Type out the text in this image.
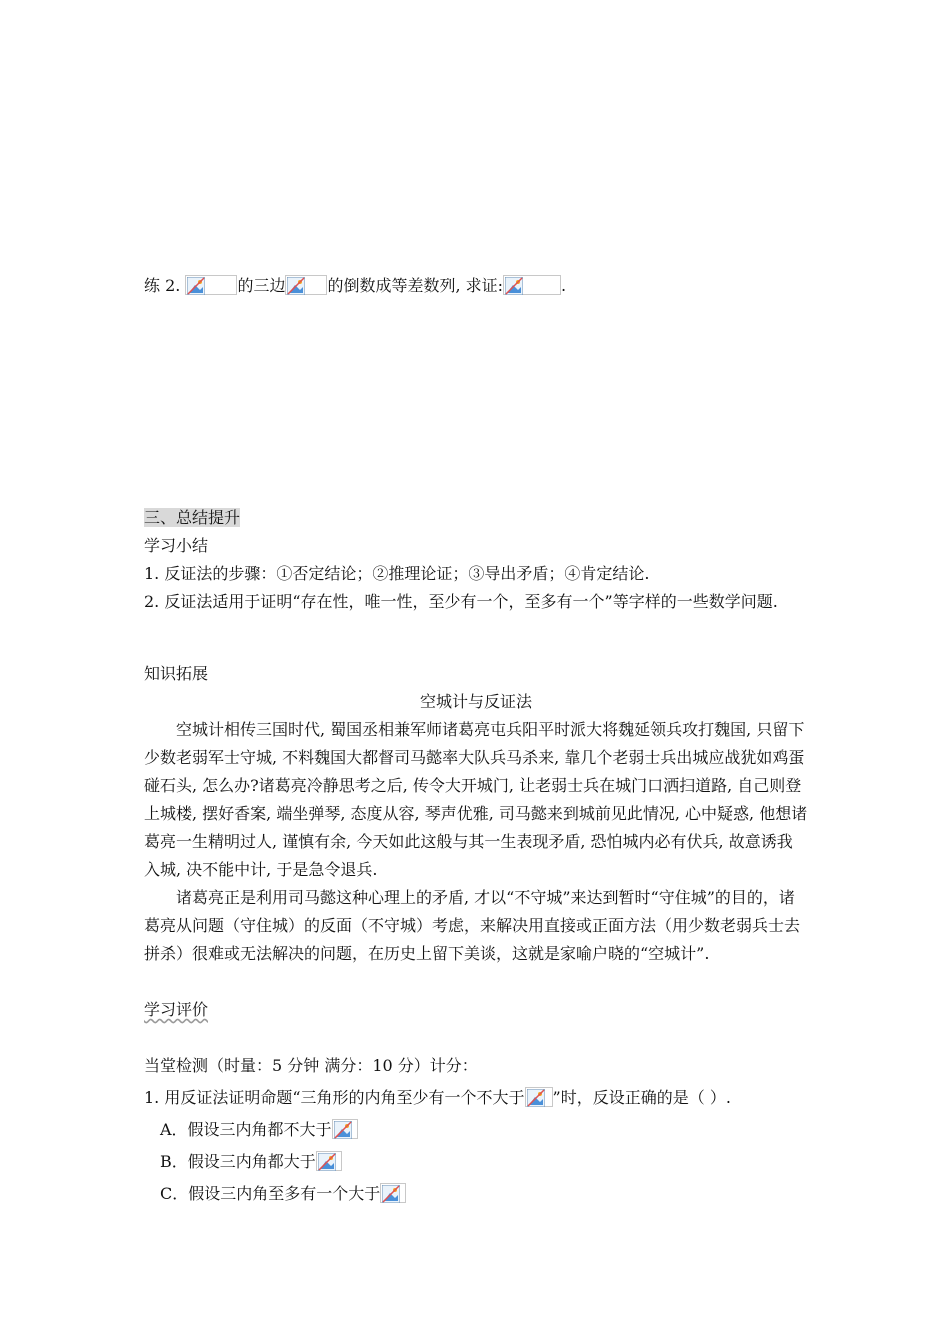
练 2.	的三边	的倒数成等差数列, 求证:	.
三、总结提升
学习小结
1. 反证法的步骤：①否定结论；②推理论证；③导出矛盾；④肯定结论.
2. 反证法适用于证明“存在性，唯一性，至少有一个，至多有一个”等字样的一些数学问题.
知识拓展
空城计与反证法
空城计相传三国时代, 蜀国丞相兼军师诸葛亮屯兵阳平时派大将魏延领兵攻打魏国, 只留下少数老弱军士守城, 不料魏国大都督司马懿率大队兵马杀来, 靠几个老弱士兵出城应战犹如鸡蛋碰石头, 怎么办?诸葛亮冷静思考之后, 传令大开城门, 让老弱士兵在城门口洒扫道路, 自己则登上城楼, 摆好香案, 端坐弹琴, 态度从容, 琴声优雅, 司马懿来到城前见此情况, 心中疑惑, 他想诸葛亮一生精明过人, 谨慎有余, 今天如此这般与其一生表现矛盾, 恐怕城内必有伏兵, 故意诱我入城, 决不能中计, 于是急令退兵.
诸葛亮正是利用司马懿这种心理上的矛盾, 才以“不守城”来达到暂时“守住城”的目的，诸葛亮从问题（守住城）的反面（不守城）考虑，来解决用直接或正面方法（用少数老弱兵士去拼杀）很难或无法解决的问题，在历史上留下美谈，这就是家喻户晓的“空城计”.
学习评价
当堂检测（时量：5 分钟 满分：10 分）计分：
1. 用反证法证明命题“三角形的内角至少有一个不大于 ”时，反设正确的是（ ）.
A．假设三内角都不大于
B．假设三内角都大于
C．假设三内角至多有一个大于
